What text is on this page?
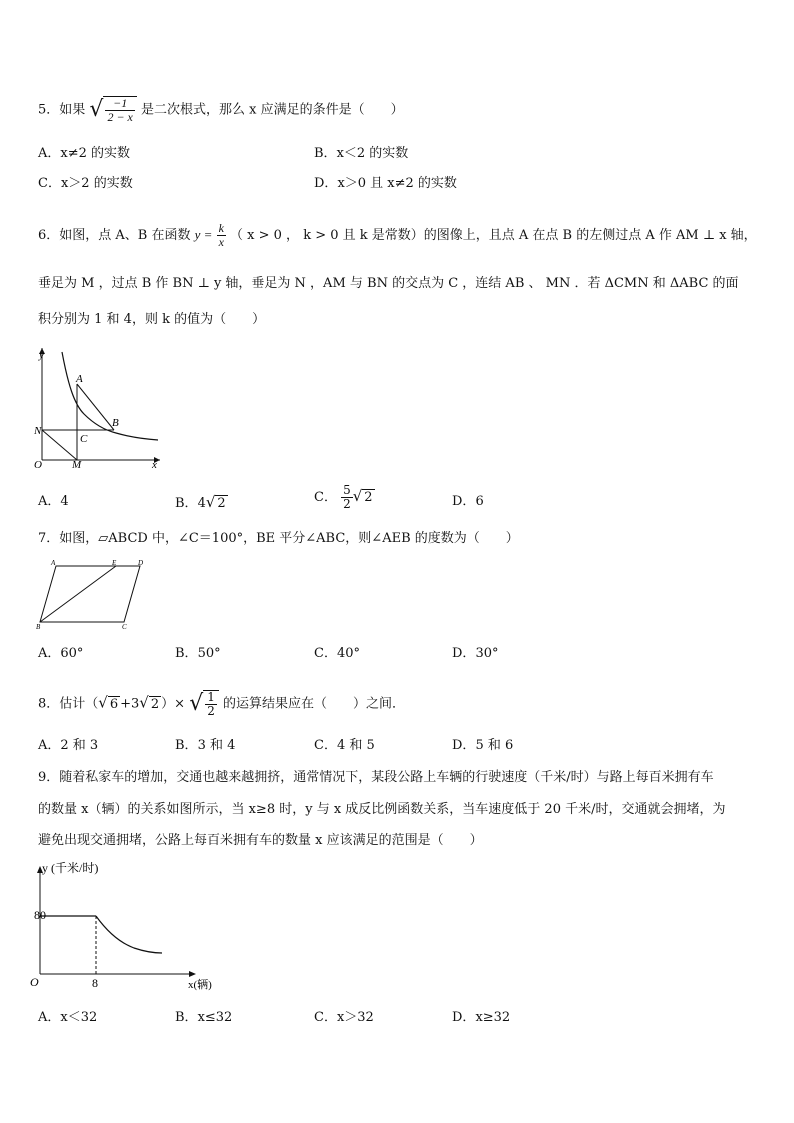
5．如果 √ $\frac{-1}{2 - x}$ 是二次根式，那么 x 应满足的条件是（　　）
A．x≠2 的实数	B．x＜2 的实数
C．x＞2 的实数	D．x＞0 且 x≠2 的实数
6．如图，点 A、B 在函数 $y = \frac{k}{x}$ （ x > 0 ， k > 0 且 k 是常数）的图像上，且点 A 在点 B 的左侧过点 A 作 AM ⊥ x 轴，
垂足为 M ，过点 B 作 BN ⊥ y 轴，垂足为 N ，AM 与 BN 的交点为 C ，连结 AB 、 MN ．若 ΔCMN 和 ΔABC 的面
积分别为 1 和 4，则 k 的值为（　　）
y
x
O
N
M
C
A
B
A．4	B．4√ 2	C． $\frac{5}{2}$ √ 2	D．6
7．如图，▱ABCD 中，∠C＝100°，BE 平分∠ABC，则∠AEB 的度数为（　　）
A	E	D
B	C
A．60°	B．50°	C．40°	D．30°
8．估计（√ 6 +3√ 2 ）× √ $\frac{1}{2}$ 的运算结果应在（　　）之间．
A．2 和 3	B．3 和 4	C．4 和 5	D．5 和 6
9．随着私家车的增加，交通也越来越拥挤，通常情况下，某段公路上车辆的行驶速度（千米/时）与路上每百米拥有车
的数量 x（辆）的关系如图所示，当 x≥8 时，y 与 x 成反比例函数关系，当车速度低于 20 千米/时，交通就会拥堵，为
避免出现交通拥堵，公路上每百米拥有车的数量 x 应该满足的范围是（　　）
y (千米/时)
x(辆)
O
80
8
A．x＜32	B．x≤32	C．x＞32	D．x≥32
